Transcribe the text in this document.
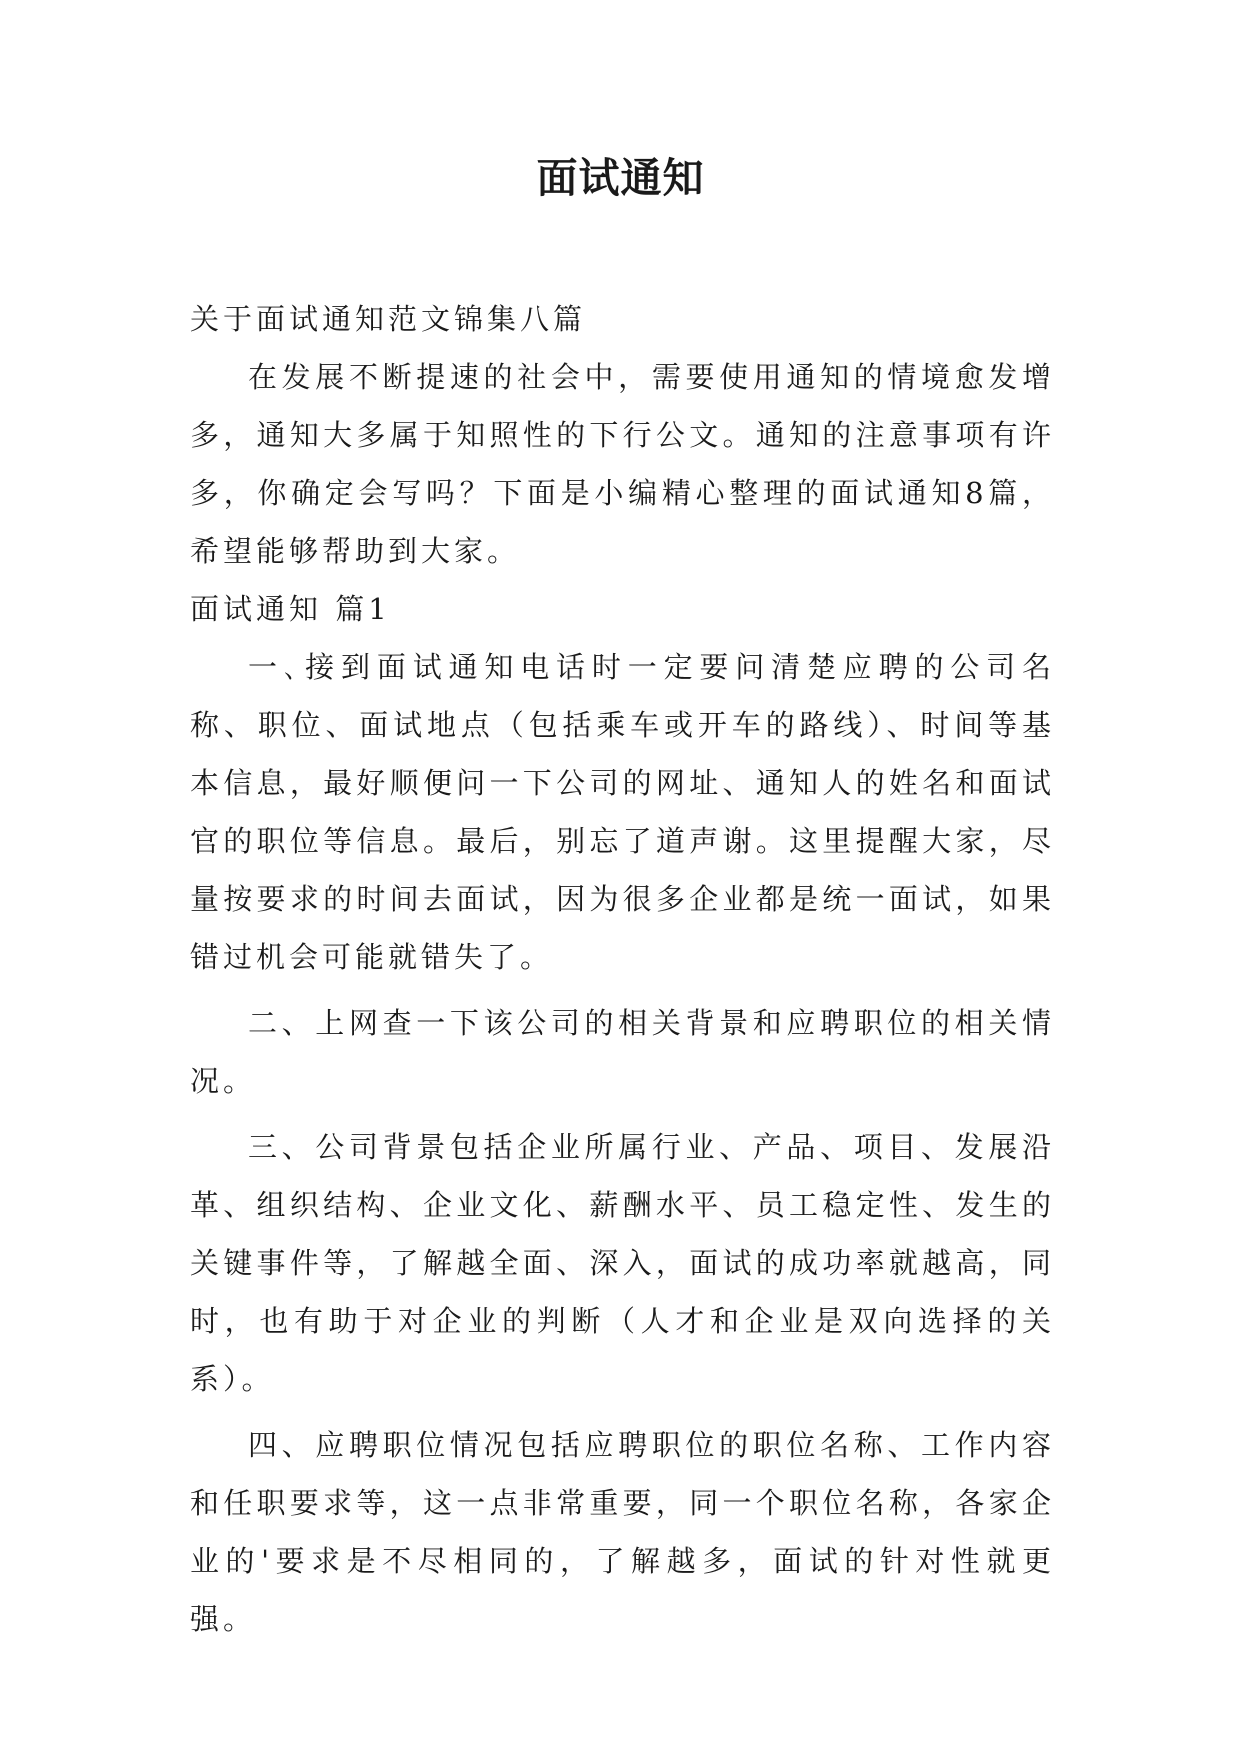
面试通知

关于面试通知范文锦集八篇

在发展不断提速的社会中，需要使用通知的情境愈发增多，通知大多属于知照性的下行公文。通知的注意事项有许多，你确定会写吗？下面是小编精心整理的面试通知8篇，希望能够帮助到大家。

面试通知 篇1

一､接到面试通知电话时一定要问清楚应聘的公司名称、职位、面试地点（包括乘车或开车的路线）、时间等基本信息，最好顺便问一下公司的网址、通知人的姓名和面试官的职位等信息。最后，别忘了道声谢。这里提醒大家，尽量按要求的时间去面试，因为很多企业都是统一面试，如果错过机会可能就错失了。

二、上网查一下该公司的相关背景和应聘职位的相关情况。

三、公司背景包括企业所属行业、产品、项目、发展沿革、组织结构、企业文化、薪酬水平、员工稳定性、发生的关键事件等，了解越全面、深入，面试的成功率就越高，同时，也有助于对企业的判断（人才和企业是双向选择的关系）。

四、应聘职位情况包括应聘职位的职位名称、工作内容和任职要求等，这一点非常重要，同一个职位名称，各家企业的'要求是不尽相同的，了解越多，面试的针对性就更强。
